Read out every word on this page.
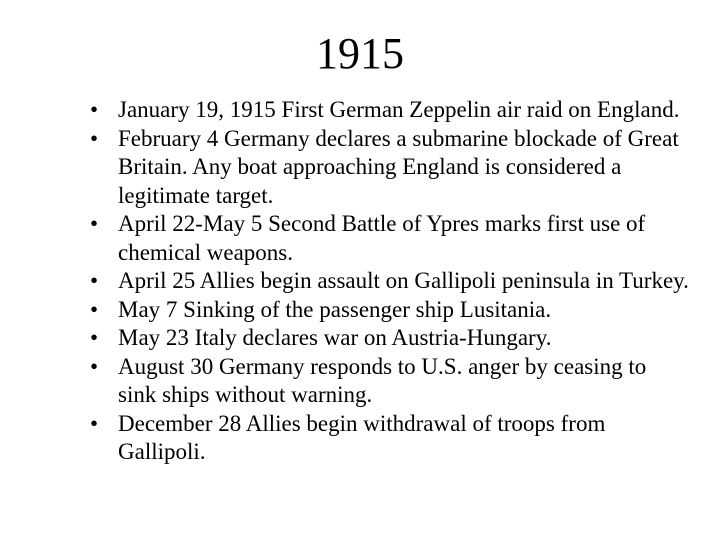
1915
• January 19, 1915 First German Zeppelin air raid on England.
• February 4 Germany declares a submarine blockade of Great Britain. Any boat approaching England is considered a legitimate target.
• April 22-May 5 Second Battle of Ypres marks first use of chemical weapons.
• April 25 Allies begin assault on Gallipoli peninsula in Turkey.
• May 7 Sinking of the passenger ship Lusitania.
• May 23 Italy declares war on Austria-Hungary.
• August 30 Germany responds to U.S. anger by ceasing to sink ships without warning.
• December 28 Allies begin withdrawal of troops from Gallipoli.
